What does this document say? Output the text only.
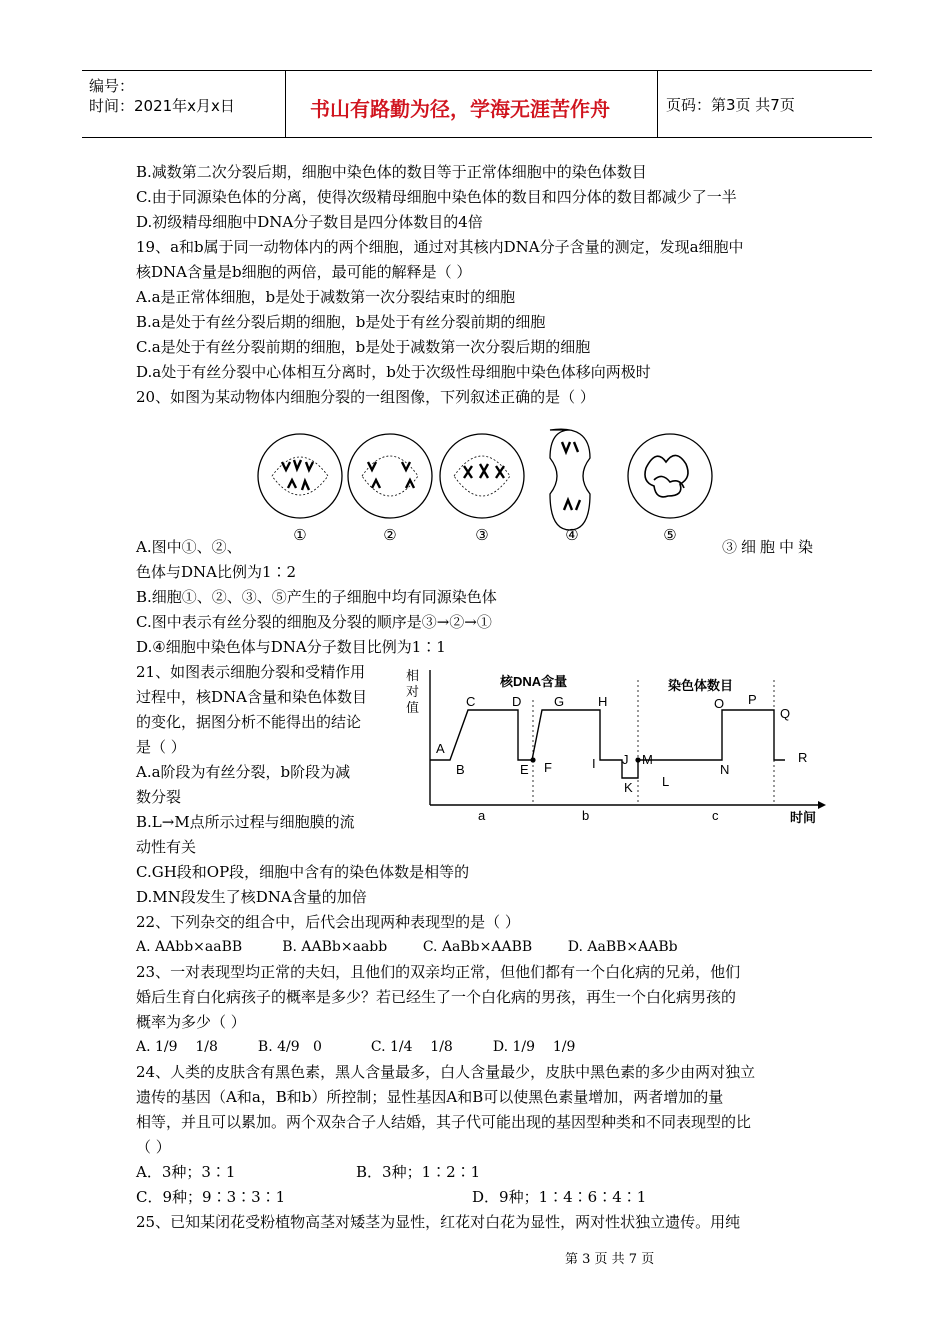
编号：
时间：2021年x月x日	书山有路勤为径，学海无涯苦作舟	页码：第3页 共7页
B.减数第二次分裂后期，细胞中染色体的数目等于正常体细胞中的染色体数目
C.由于同源染色体的分离，使得次级精母细胞中染色体的数目和四分体的数目都减少了一半
D.初级精母细胞中DNA分子数目是四分体数目的4倍
19、a和b属于同一动物体内的两个细胞，通过对其核内DNA分子含量的测定，发现a细胞中
核DNA含量是b细胞的两倍，最可能的解释是（ ）
A.a是正常体细胞，b是处于减数第一次分裂结束时的细胞
B.a是处于有丝分裂后期的细胞，b是处于有丝分裂前期的细胞
C.a是处于有丝分裂前期的细胞，b是处于减数第一次分裂后期的细胞
D.a处于有丝分裂中心体相互分离时，b处于次级性母细胞中染色体移向两极时
20、如图为某动物体内细胞分裂的一组图像，下列叙述正确的是（ ）
①	②	③	④	⑤
A.图中①、②、	③细胞中染
色体与DNA比例为1∶2
B.细胞①、②、③、⑤产生的子细胞中均有同源染色体
C.图中表示有丝分裂的细胞及分裂的顺序是③→②→①
D.④细胞中染色体与DNA分子数目比例为1∶1
21、如图表示细胞分裂和受精作用
过程中，核DNA含量和染色体数目
的变化，据图分析不能得出的结论
是（ ）
A.a阶段为有丝分裂，b阶段为减
数分裂
B.L→M点所示过程与细胞膜的流
动性有关
相
对
值
时间
核DNA含量	染色体数目
A
B
C	D
E F
G	H
I J
K L
M
N
O P
Q
R
a	b	c
C.GH段和OP段，细胞中含有的染色体数是相等的
D.MN段发生了核DNA含量的加倍
22、下列杂交的组合中，后代会出现两种表现型的是（ ）
A. AAbb×aaBB         B. AABb×aabb        C. AaBb×AABB        D. AaBB×AABb
23、一对表现型均正常的夫妇，且他们的双亲均正常，但他们都有一个白化病的兄弟，他们
婚后生育白化病孩子的概率是多少？若已经生了一个白化病的男孩，再生一个白化病男孩的
概率为多少（ ）
A. 1/9    1/8         B. 4/9   0           C. 1/4    1/8         D. 1/9    1/9
24、人类的皮肤含有黑色素，黑人含量最多，白人含量最少，皮肤中黑色素的多少由两对独立
遗传的基因（A和a，B和b）所控制；显性基因A和B可以使黑色素量增加，两者增加的量
相等，并且可以累加。两个双杂合子人结婚，其子代可能出现的基因型种类和不同表现型的比
（ ）
A．3种；3∶1	B．3种；1∶2∶1
C．9种；9∶3∶3∶1	D．9种；1∶4∶6∶4∶1
25、已知某闭花受粉植物高茎对矮茎为显性，红花对白花为显性，两对性状独立遗传。用纯
第 3 页 共 7 页
